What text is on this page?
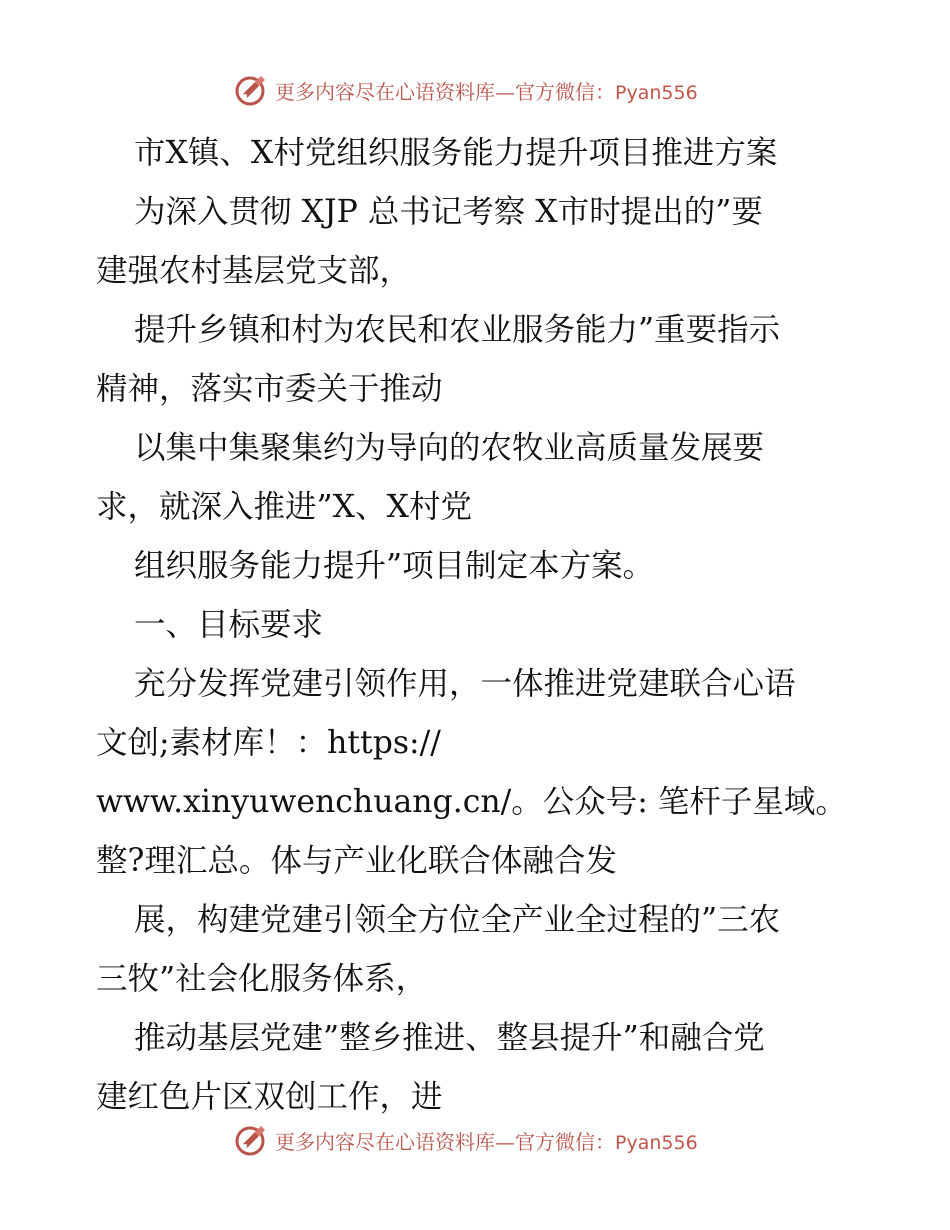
更多内容尽在心语资料库—官方微信：Pyan556
市X镇、X村党组织服务能力提升项目推进方案
为深入贯彻 XJP 总书记考察 X市时提出的”要
建强农村基层党支部，
提升乡镇和村为农民和农业服务能力”重要指示
精神，落实市委关于推动
以集中集聚集约为导向的农牧业高质量发展要
求，就深入推进”X、X村党
组织服务能力提升”项目制定本方案。
一、目标要求
充分发挥党建引领作用，一体推进党建联合心语
文创;素材库！：https://
www.xinyuwenchuang.cn/。公众号: 笔杆子星域。
整?理汇总。体与产业化联合体融合发
展，构建党建引领全方位全产业全过程的”三农
三牧”社会化服务体系，
推动基层党建”整乡推进、整县提升”和融合党
建红色片区双创工作，进
更多内容尽在心语资料库—官方微信：Pyan556
